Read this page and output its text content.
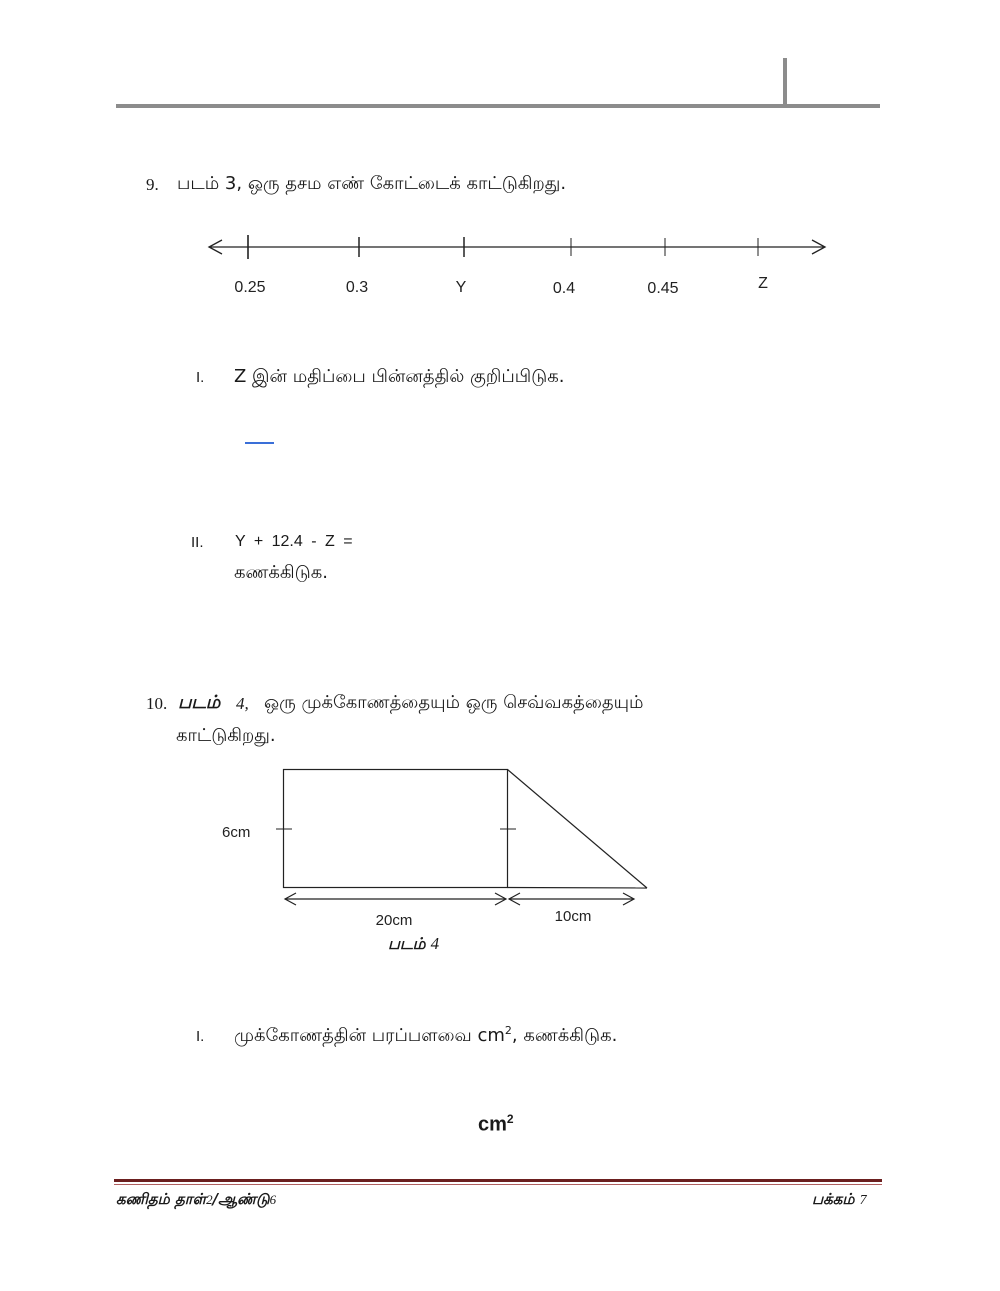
9. படம் 3, ஒரு தசம எண் கோட்டைக் காட்டுகிறது.
0.25	0.3	Y	0.4	0.45	Z
I. Z இன் மதிப்பை பின்னத்தில் குறிப்பிடுக.
II. Y + 12.4 - Z =
கணக்கிடுக.
10. படம் 4, ஒரு முக்கோணத்தையும் ஒரு செவ்வகத்தையும்
காட்டுகிறது.
6cm
20cm	10cm
படம் 4
I. முக்கோணத்தின் பரப்பளவை $cm^2$, கணக்கிடுக.
$cm^2$
கணிதம் தாள்2/ஆண்டு6	பக்கம் 7
